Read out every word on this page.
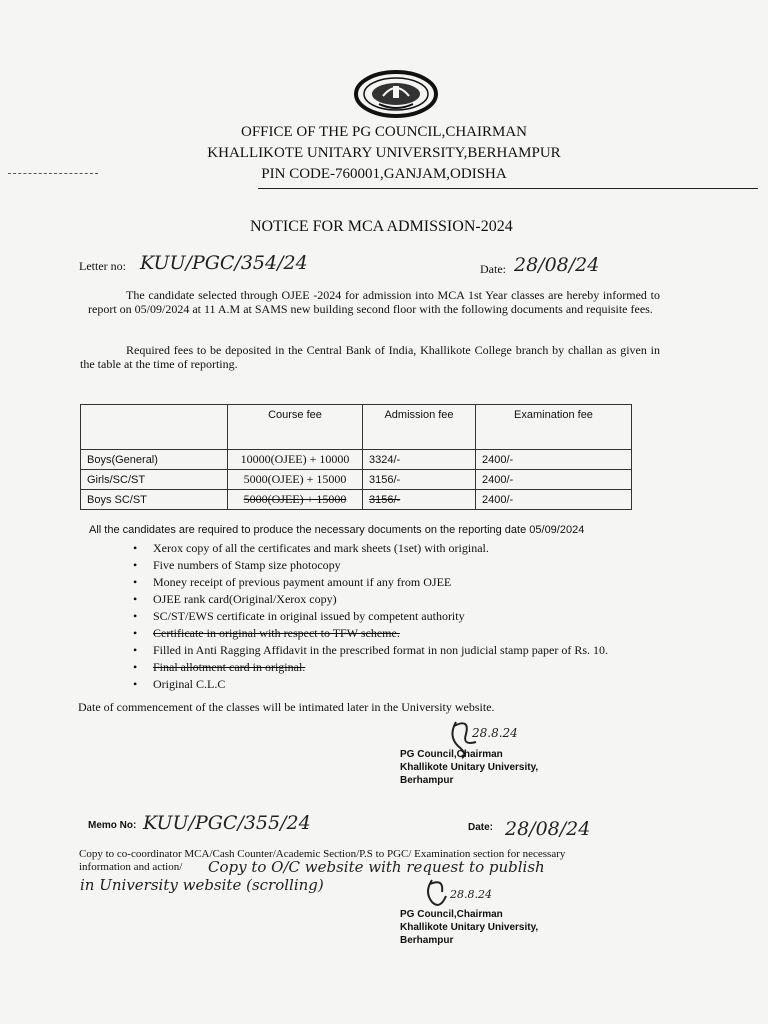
OFFICE OF THE PG COUNCIL,CHAIRMAN
KHALLIKOTE UNITARY UNIVERSITY,BERHAMPUR
PIN CODE-760001,GANJAM,ODISHA
NOTICE FOR MCA ADMISSION-2024
Letter no: KUU/PGC/354/24	Date: 28/08/24
The candidate selected through OJEE -2024 for admission into MCA 1st Year classes are hereby informed to report on 05/09/2024 at 11 A.M at SAMS new building second floor with the following documents and requisite fees.
Required fees to be deposited in the Central Bank of India, Khallikote College branch by challan as given in the table at the time of reporting.
	Course fee	Admission fee	Examination fee
Boys(General)	10000(OJEE) + 10000	3324/-	2400/-
Girls/SC/ST	5000(OJEE) + 15000	3156/-	2400/-
Boys SC/ST	5000(OJEE) + 15000	3156/-	2400/-
All the candidates are required to produce the necessary documents on the reporting date 05/09/2024
• Xerox copy of all the certificates and mark sheets (1set) with original.
• Five numbers of Stamp size photocopy
• Money receipt of previous payment amount if any from OJEE
• OJEE rank card(Original/Xerox copy)
• SC/ST/EWS certificate in original issued by competent authority
• Certificate in original with respect to TFW scheme.
• Filled in Anti Ragging Affidavit in the prescribed format in non judicial stamp paper of Rs. 10.
• Final allotment card in original.
• Original C.L.C
Date of commencement of the classes will be intimated later in the University website.
28.8.24
PG Council,Chairman
Khallikote Unitary University,
Berhampur
Memo No: KUU/PGC/355/24	Date: 28/08/24
Copy to co-coordinator MCA/Cash Counter/Academic Section/P.S to PGC/ Examination section for necessary
information and action/ Copy to O/C website with request to publish
in University website (scrolling)
28.8.24
PG Council,Chairman
Khallikote Unitary University,
Berhampur
